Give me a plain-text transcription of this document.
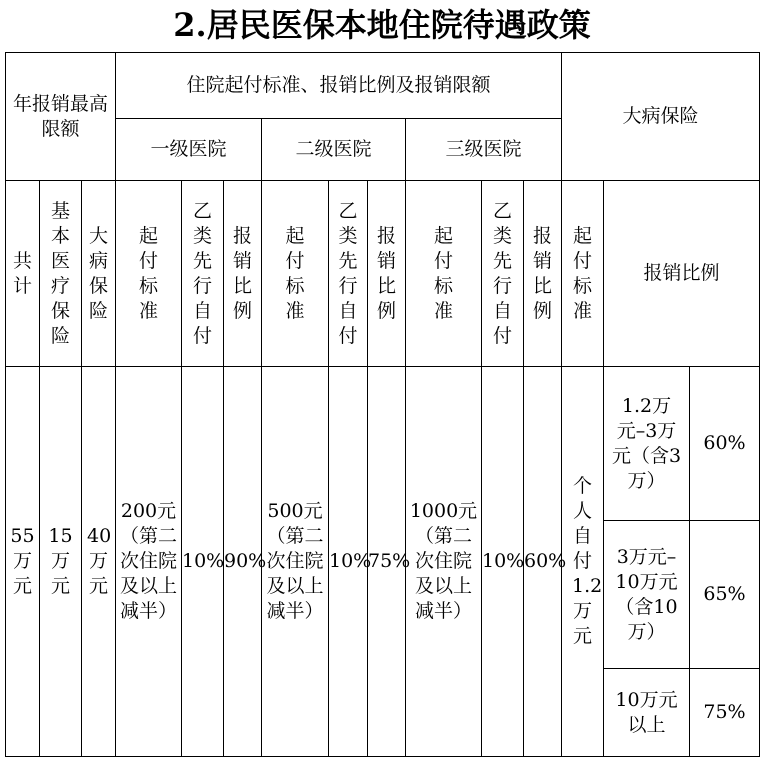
2.居民医保本地住院待遇政策
年报销最高限额			住院起付标准、报销比例及报销限额									大病保险		
			一级医院			二级医院			三级医院					
共计	基本医疗保险	大病保险	起付标准	乙类先行自付	报销比例	起付标准	乙类先行自付	报销比例	起付标准	乙类先行自付	报销比例	起付标准	报销比例	
55万元	15万元	40万元	200元（第二次住院及以上减半）	10%	90%	500元（第二次住院及以上减半）	10%	75%	1000元（第二次住院及以上减半）	10%	60%	个人自付1.2万元	1.2万元–3万元（含3万）	60%
													3万元–10万元（含10万）	65%
													10万元以上	75%
